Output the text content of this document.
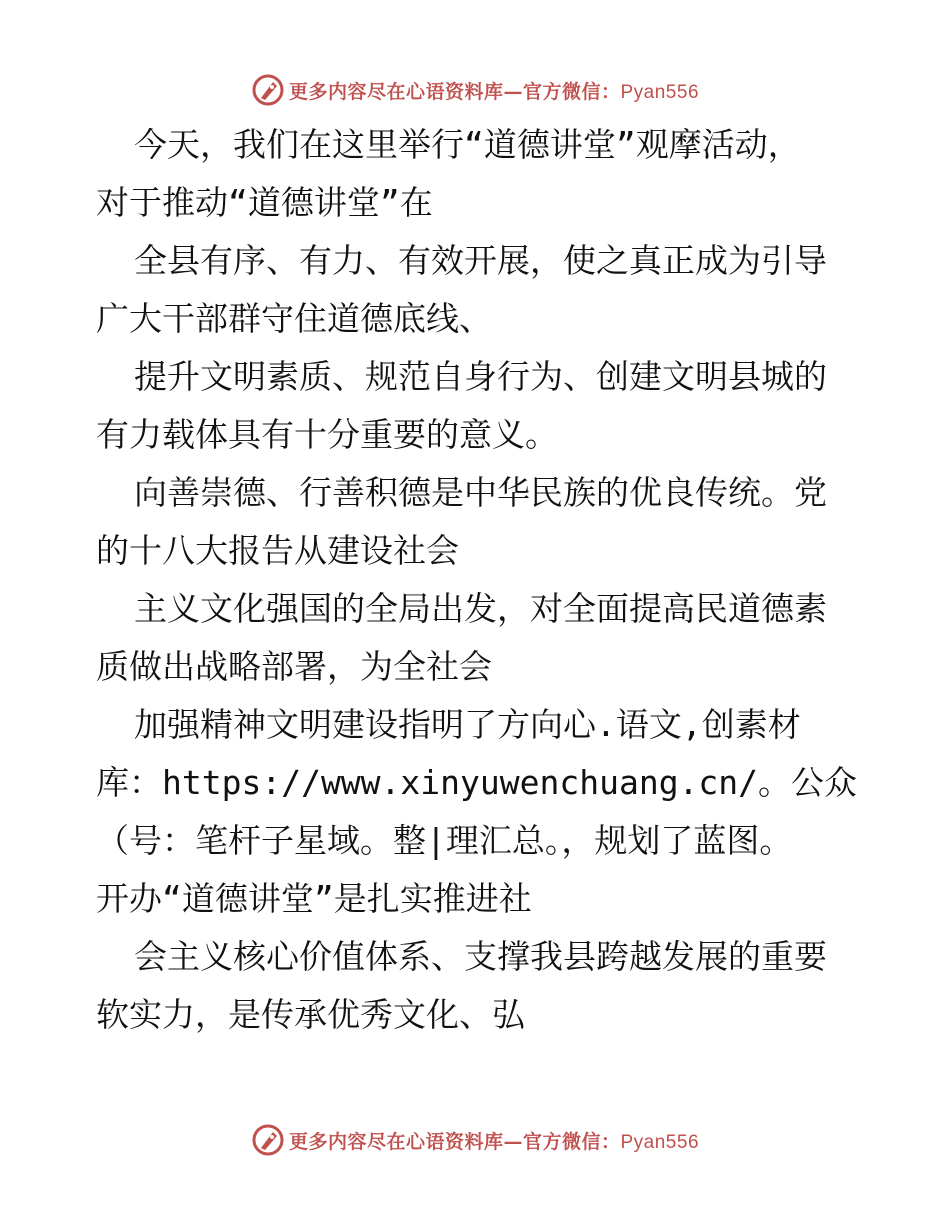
更多内容尽在心语资料库—官方微信：Pyan556
今天，我们在这里举行“道德讲堂”观摩活动，
对于推动“道德讲堂”在
全县有序、有力、有效开展，使之真正成为引导
广大干部群守住道德底线、
提升文明素质、规范自身行为、创建文明县城的
有力载体具有十分重要的意义。
向善崇德、行善积德是中华民族的优良传统。党
的十八大报告从建设社会
主义文化强国的全局出发，对全面提高民道德素
质做出战略部署，为全社会
加强精神文明建设指明了方向心.语文,创素材
库：https://www.xinyuwenchuang.cn/。公众
（号：笔杆子星域。整|理汇总。，规划了蓝图。
开办“道德讲堂”是扎实推进社
会主义核心价值体系、支撑我县跨越发展的重要
软实力，是传承优秀文化、弘
更多内容尽在心语资料库—官方微信：Pyan556
